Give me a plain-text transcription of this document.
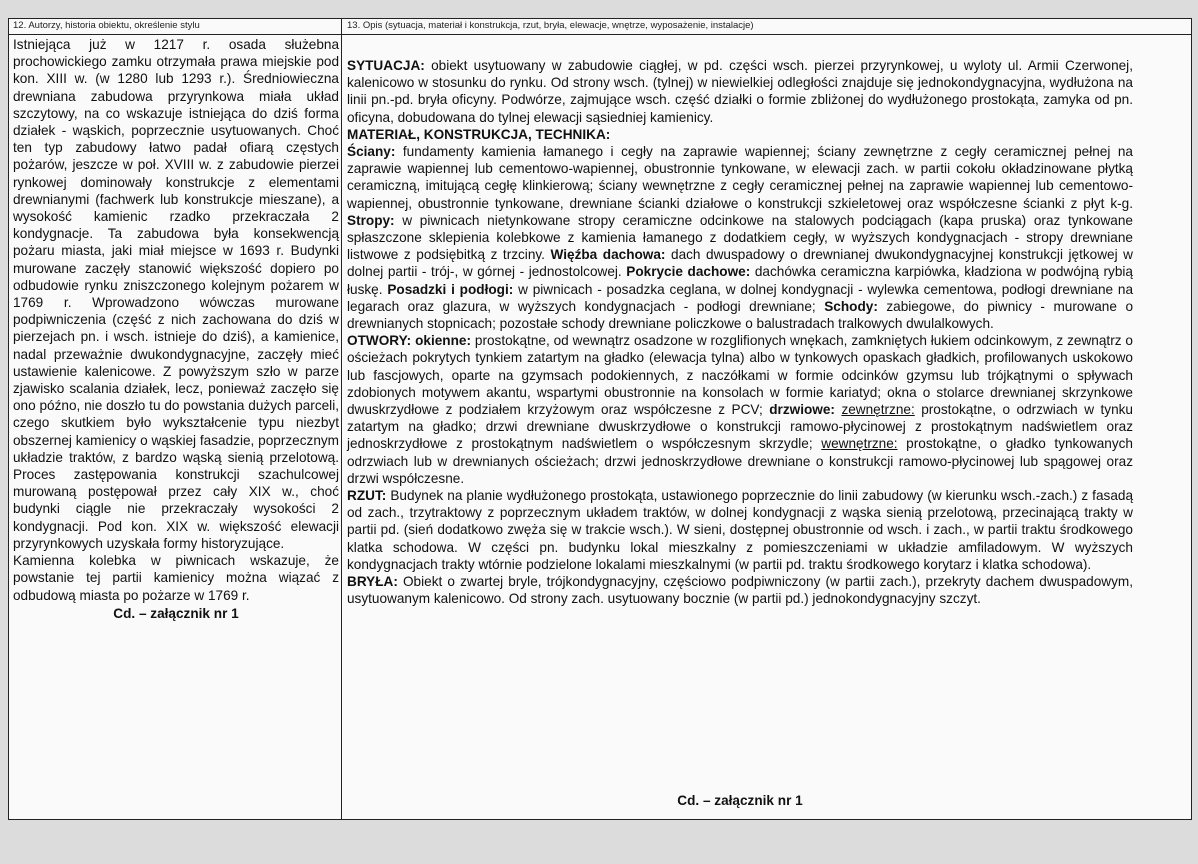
12. Autorzy, historia obiektu, określenie stylu	13. Opis (sytuacja, materiał i konstrukcja, rzut, bryła, elewacje, wnętrze, wyposażenie, instalacje)

Istniejąca już w 1217 r. osada służebna prochowickiego zamku otrzymała prawa miejskie pod kon. XIII w. (w 1280 lub 1293 r.). Średniowieczna drewniana zabudowa przyrynkowa miała układ szczytowy, na co wskazuje istniejąca do dziś forma działek - wąskich, poprzecznie usytuowanych. Choć ten typ zabudowy łatwo padał ofiarą częstych pożarów, jeszcze w poł. XVIII w. z zabudowie pierzei rynkowej dominowały konstrukcje z elementami drewnianymi (fachwerk lub konstrukcje mieszane), a wysokość kamienic rzadko przekraczała 2 kondygnacje. Ta zabudowa była konsekwencją pożaru miasta, jaki miał miejsce w 1693 r. Budynki murowane zaczęły stanowić większość dopiero po odbudowie rynku zniszczonego kolejnym pożarem w 1769 r. Wprowadzono wówczas murowane podpiwniczenia (część z nich zachowana do dziś w pierzejach pn. i wsch. istnieje do dziś), a kamienice, nadal przeważnie dwukondygnacyjne, zaczęły mieć ustawienie kalenicowe. Z powyższym szło w parze zjawisko scalania działek, lecz, ponieważ zaczęło się ono późno, nie doszło tu do powstania dużych parceli, czego skutkiem było wykształcenie typu niezbyt obszernej kamienicy o wąskiej fasadzie, poprzecznym układzie traktów, z bardzo wąską sienią przelotową. Proces zastępowania konstrukcji szachulcowej murowaną postępował przez cały XIX w., choć budynki ciągle nie przekraczały wysokości 2 kondygnacji. Pod kon. XIX w. większość elewacji przyrynkowych uzyskała formy historyzujące.

Kamienna kolebka w piwnicach wskazuje, że powstanie tej partii kamienicy można wiązać z odbudową miasta po pożarze w 1769 r.

Cd. – załącznik nr 1

SYTUACJA: obiekt usytuowany w zabudowie ciągłej, w pd. części wsch. pierzei przyrynkowej, u wyloty ul. Armii Czerwonej, kalenicowo w stosunku do rynku. Od strony wsch. (tylnej) w niewielkiej odległości znajduje się jednokondygnacyjna, wydłużona na linii pn.-pd. bryła oficyny. Podwórze, zajmujące wsch. część działki o formie zbliżonej do wydłużonego prostokąta, zamyka od pn. oficyna, dobudowana do tylnej elewacji sąsiedniej kamienicy.

MATERIAŁ, KONSTRUKCJA, TECHNIKA:

Ściany: fundamenty kamienia łamanego i cegły na zaprawie wapiennej; ściany zewnętrzne z cegły ceramicznej pełnej na zaprawie wapiennej lub cementowo-wapiennej, obustronnie tynkowane, w elewacji zach. w partii cokołu okładzinowane płytką ceramiczną, imitującą cegłę klinkierową; ściany wewnętrzne z cegły ceramicznej pełnej na zaprawie wapiennej lub cementowo-wapiennej, obustronnie tynkowane, drewniane ścianki działowe o konstrukcji szkieletowej oraz współczesne ścianki z płyt k-g. Stropy: w piwnicach nietynkowane stropy ceramiczne odcinkowe na stalowych podciągach (kapa pruska) oraz tynkowane spłaszczone sklepienia kolebkowe z kamienia łamanego z dodatkiem cegły, w wyższych kondygnacjach - stropy drewniane listwowe z podsiębitką z trzciny. Więźba dachowa: dach dwuspadowy o drewnianej dwukondygnacyjnej konstrukcji jętkowej w dolnej partii - trój-, w górnej - jednostolcowej. Pokrycie dachowe: dachówka ceramiczna karpiówka, kładziona w podwójną rybią łuskę. Posadzki i podłogi: w piwnicach - posadzka ceglana, w dolnej kondygnacji - wylewka cementowa, podłogi drewniane na legarach oraz glazura, w wyższych kondygnacjach - podłogi drewniane; Schody: zabiegowe, do piwnicy - murowane o drewnianych stopnicach; pozostałe schody drewniane policzkowe o balustradach tralkowych dwulalkowych.

OTWORY: okienne: prostokątne, od wewnątrz osadzone w rozglifionych wnękach, zamkniętych łukiem odcinkowym, z zewnątrz o ościeżach pokrytych tynkiem zatartym na gładko (elewacja tylna) albo w tynkowych opaskach gładkich, profilowanych uskokowo lub fascjowych, oparte na gzymsach podokiennych, z naczółkami w formie odcinków gzymsu lub trójkątnymi o spływach zdobionych motywem akantu, wspartymi obustronnie na konsolach w formie kariatyd; okna o stolarce drewnianej skrzynkowe dwuskrzydłowe z podziałem krzyżowym oraz współczesne z PCV; drzwiowe: zewnętrzne: prostokątne, o odrzwiach w tynku zatartym na gładko; drzwi drewniane dwuskrzydłowe o konstrukcji ramowo-płycinowej z prostokątnym nadświetlem oraz jednoskrzydłowe z prostokątnym nadświetlem o współczesnym skrzydle; wewnętrzne: prostokątne, o gładko tynkowanych odrzwiach lub w drewnianych ościeżach; drzwi jednoskrzydłowe drewniane o konstrukcji ramowo-płycinowej lub spągowej oraz drzwi współczesne.

RZUT: Budynek na planie wydłużonego prostokąta, ustawionego poprzecznie do linii zabudowy (w kierunku wsch.-zach.) z fasadą od zach., trzytraktowy z poprzecznym układem traktów, w dolnej kondygnacji z wąska sienią przelotową, przecinającą trakty w partii pd. (sień dodatkowo zwęża się w trakcie wsch.). W sieni, dostępnej obustronnie od wsch. i zach., w partii traktu środkowego klatka schodowa. W części pn. budynku lokal mieszkalny z pomieszczeniami w układzie amfiladowym. W wyższych kondygnacjach trakty wtórnie podzielone lokalami mieszkalnymi (w partii pd. traktu środkowego korytarz i klatka schodowa).

BRYŁA: Obiekt o zwartej bryle, trójkondygnacyjny, częściowo podpiwniczony (w partii zach.), przekryty dachem dwuspadowym, usytuowanym kalenicowo. Od strony zach. usytuowany bocznie (w partii pd.) jednokondygnacyjny szczyt.

Cd. – załącznik nr 1
